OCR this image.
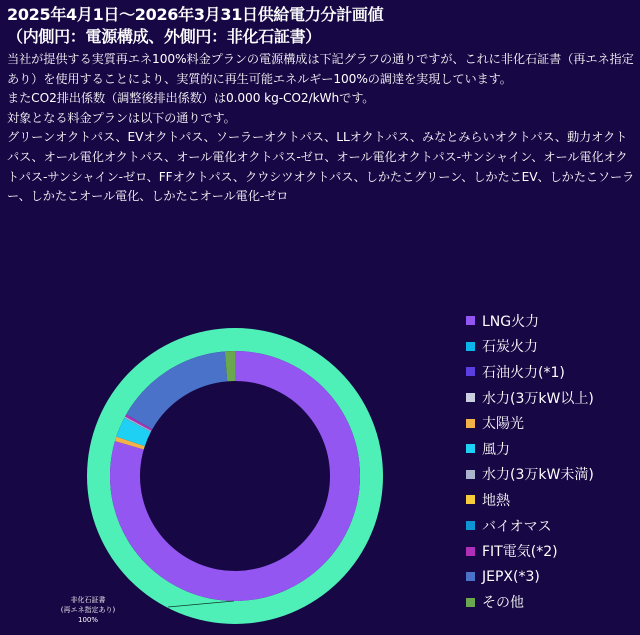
2025年4月1日〜2026年3月31日供給電力分計画値

（内側円：電源構成、外側円：非化石証書）

当社が提供する実質再エネ100%料金プランの電源構成は下記グラフの通りですが、これに非化石証書（再エネ指定あり）を使用することにより、実質的に再生可能エネルギー100%の調達を実現しています。

またCO2排出係数（調整後排出係数）は0.000 kg-CO2/kWhです。

対象となる料金プランは以下の通りです。

グリーンオクトパス、EVオクトパス、ソーラーオクトパス、LLオクトパス、みなとみらいオクトパス、動力オクトパス、オール電化オクトパス、オール電化オクトパス-ゼロ、オール電化オクトパス-サンシャイン、オール電化オクトパス-サンシャイン-ゼロ、FFオクトパス、クウシツオクトパス、しかたこグリーン、しかたこEV、しかたこソーラー、しかたこオール電化、しかたこオール電化-ゼロ

非化石証書
(再エネ指定あり)
100%
LNG火力
石炭火力
石油火力(*1)
水力(3万kW以上)
太陽光
風力
水力(3万kW未満)
地熱
バイオマス
FIT電気(*2)
JEPX(*3)
その他
